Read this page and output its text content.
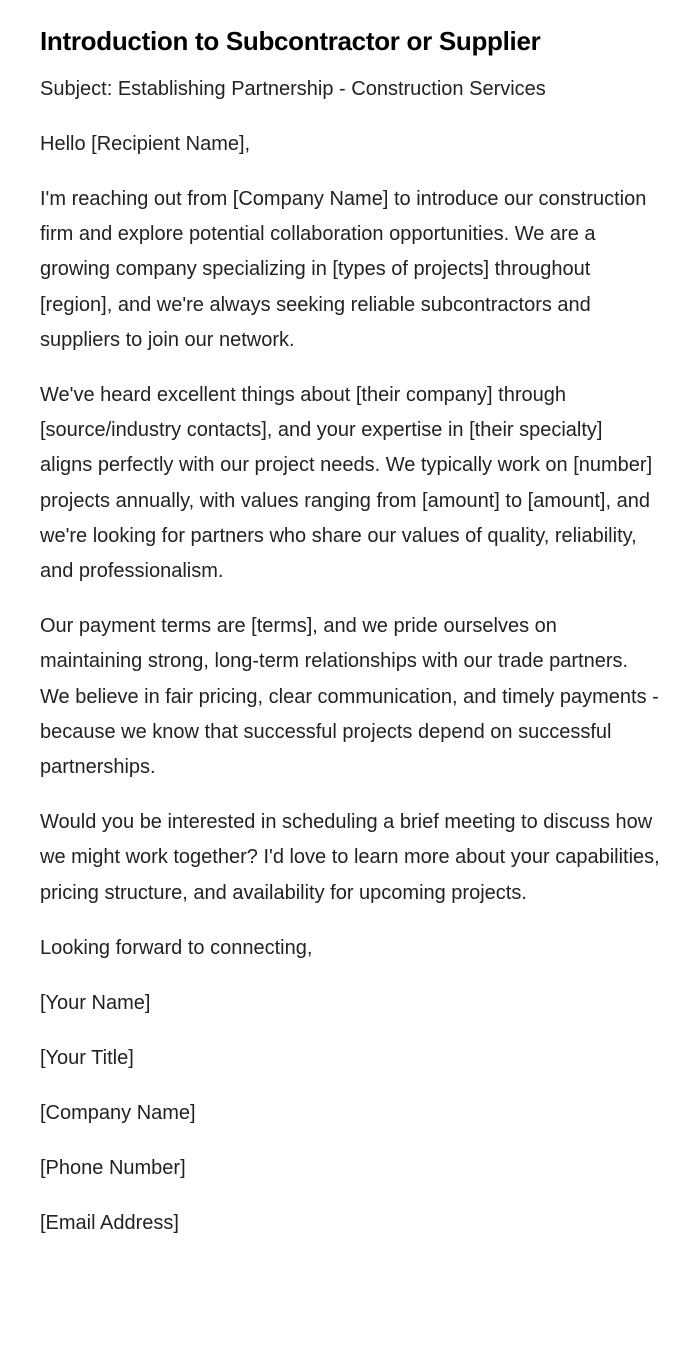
Introduction to Subcontractor or Supplier

Subject: Establishing Partnership - Construction Services

Hello [Recipient Name],

I'm reaching out from [Company Name] to introduce our construction firm and explore potential collaboration opportunities. We are a growing company specializing in [types of projects] throughout [region], and we're always seeking reliable subcontractors and suppliers to join our network.

We've heard excellent things about [their company] through [source/industry contacts], and your expertise in [their specialty] aligns perfectly with our project needs. We typically work on [number] projects annually, with values ranging from [amount] to [amount], and we're looking for partners who share our values of quality, reliability, and professionalism.

Our payment terms are [terms], and we pride ourselves on maintaining strong, long-term relationships with our trade partners. We believe in fair pricing, clear communication, and timely payments - because we know that successful projects depend on successful partnerships.

Would you be interested in scheduling a brief meeting to discuss how we might work together? I'd love to learn more about your capabilities, pricing structure, and availability for upcoming projects.

Looking forward to connecting,

[Your Name]

[Your Title]

[Company Name]

[Phone Number]

[Email Address]
